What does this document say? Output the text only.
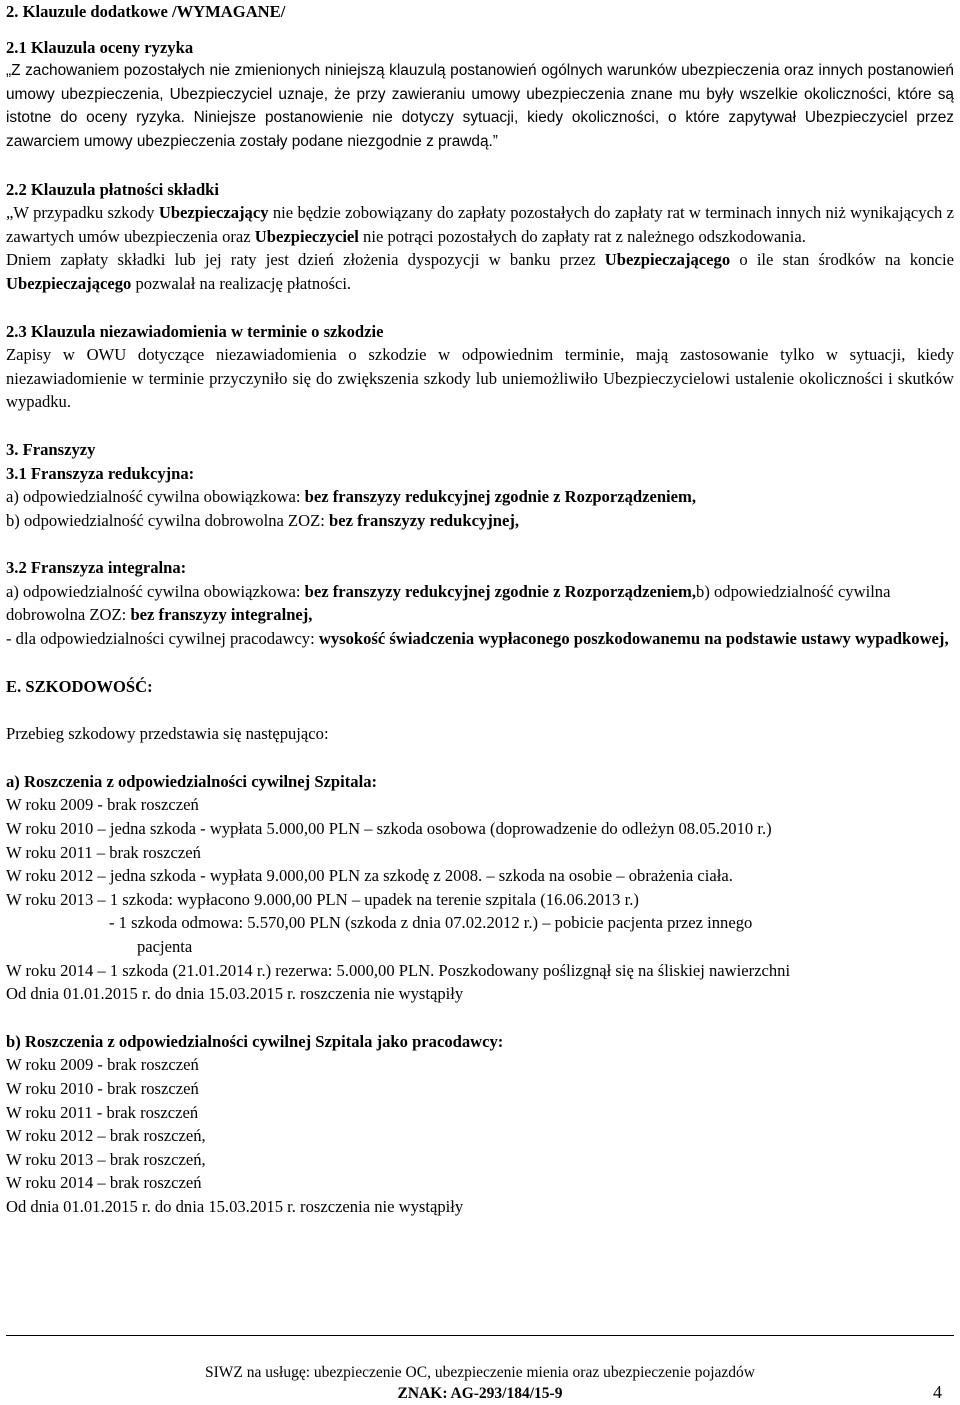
2. Klauzule dodatkowe /WYMAGANE/

2.1 Klauzula oceny ryzyka

„Z zachowaniem pozostałych nie zmienionych niniejszą klauzulą postanowień ogólnych warunków ubezpieczenia oraz innych postanowień umowy ubezpieczenia, Ubezpieczyciel uznaje, że przy zawieraniu umowy ubezpieczenia znane mu były wszelkie okoliczności, które są istotne do oceny ryzyka. Niniejsze postanowienie nie dotyczy sytuacji, kiedy okoliczności, o które zapytywał Ubezpieczyciel przez zawarciem umowy ubezpieczenia zostały podane niezgodnie z prawdą.”

2.2 Klauzula płatności składki

„W przypadku szkody Ubezpieczający nie będzie zobowiązany do zapłaty pozostałych do zapłaty rat w terminach innych niż wynikających z zawartych umów ubezpieczenia oraz Ubezpieczyciel nie potrąci pozostałych do zapłaty rat z należnego odszkodowania.

Dniem zapłaty składki lub jej raty jest dzień złożenia dyspozycji w banku przez Ubezpieczającego o ile stan środków na koncie Ubezpieczającego pozwalał na realizację płatności.

2.3 Klauzula niezawiadomienia w terminie o szkodzie

Zapisy w OWU dotyczące niezawiadomienia o szkodzie w odpowiednim terminie, mają zastosowanie tylko w sytuacji, kiedy niezawiadomienie w terminie przyczyniło się do zwiększenia szkody lub uniemożliwiło Ubezpieczycielowi ustalenie okoliczności i skutków wypadku.

3. Franszyzy

3.1 Franszyza redukcyjna:

a) odpowiedzialność cywilna obowiązkowa: bez franszyzy redukcyjnej zgodnie z Rozporządzeniem,

b) odpowiedzialność cywilna dobrowolna ZOZ: bez franszyzy redukcyjnej,

3.2 Franszyza integralna:

a) odpowiedzialność cywilna obowiązkowa: bez franszyzy redukcyjnej zgodnie z Rozporządzeniem,b) odpowiedzialność cywilna dobrowolna ZOZ: bez franszyzy integralnej,

- dla odpowiedzialności cywilnej pracodawcy: wysokość świadczenia wypłaconego poszkodowanemu na podstawie ustawy wypadkowej,

E. SZKODOWOŚĆ:

Przebieg szkodowy przedstawia się następująco:

a) Roszczenia z odpowiedzialności cywilnej Szpitala:

W roku 2009 - brak roszczeń

W roku 2010 – jedna szkoda - wypłata 5.000,00 PLN – szkoda osobowa (doprowadzenie do odleżyn 08.05.2010 r.)

W roku 2011 – brak roszczeń

W roku 2012 – jedna szkoda - wypłata 9.000,00 PLN za szkodę z 2008. – szkoda na osobie – obrażenia ciała.

W roku 2013 – 1 szkoda: wypłacono 9.000,00 PLN – upadek na terenie szpitala (16.06.2013 r.)

- 1 szkoda odmowa: 5.570,00 PLN (szkoda z dnia 07.02.2012 r.) – pobicie pacjenta przez innego

pacjenta

W roku 2014 – 1 szkoda (21.01.2014 r.) rezerwa: 5.000,00 PLN. Poszkodowany poślizgnął się na śliskiej nawierzchni

Od dnia 01.01.2015 r. do dnia 15.03.2015 r. roszczenia nie wystąpiły

b) Roszczenia z odpowiedzialności cywilnej Szpitala jako pracodawcy:

W roku 2009 - brak roszczeń

W roku 2010 - brak roszczeń

W roku 2011 - brak roszczeń

W roku 2012 – brak roszczeń,

W roku 2013 – brak roszczeń,

W roku 2014 – brak roszczeń

Od dnia 01.01.2015 r. do dnia 15.03.2015 r. roszczenia nie wystąpiły

SIWZ na usługę: ubezpieczenie OC, ubezpieczenie mienia oraz ubezpieczenie pojazdów
ZNAK: AG-293/184/15-9	4
